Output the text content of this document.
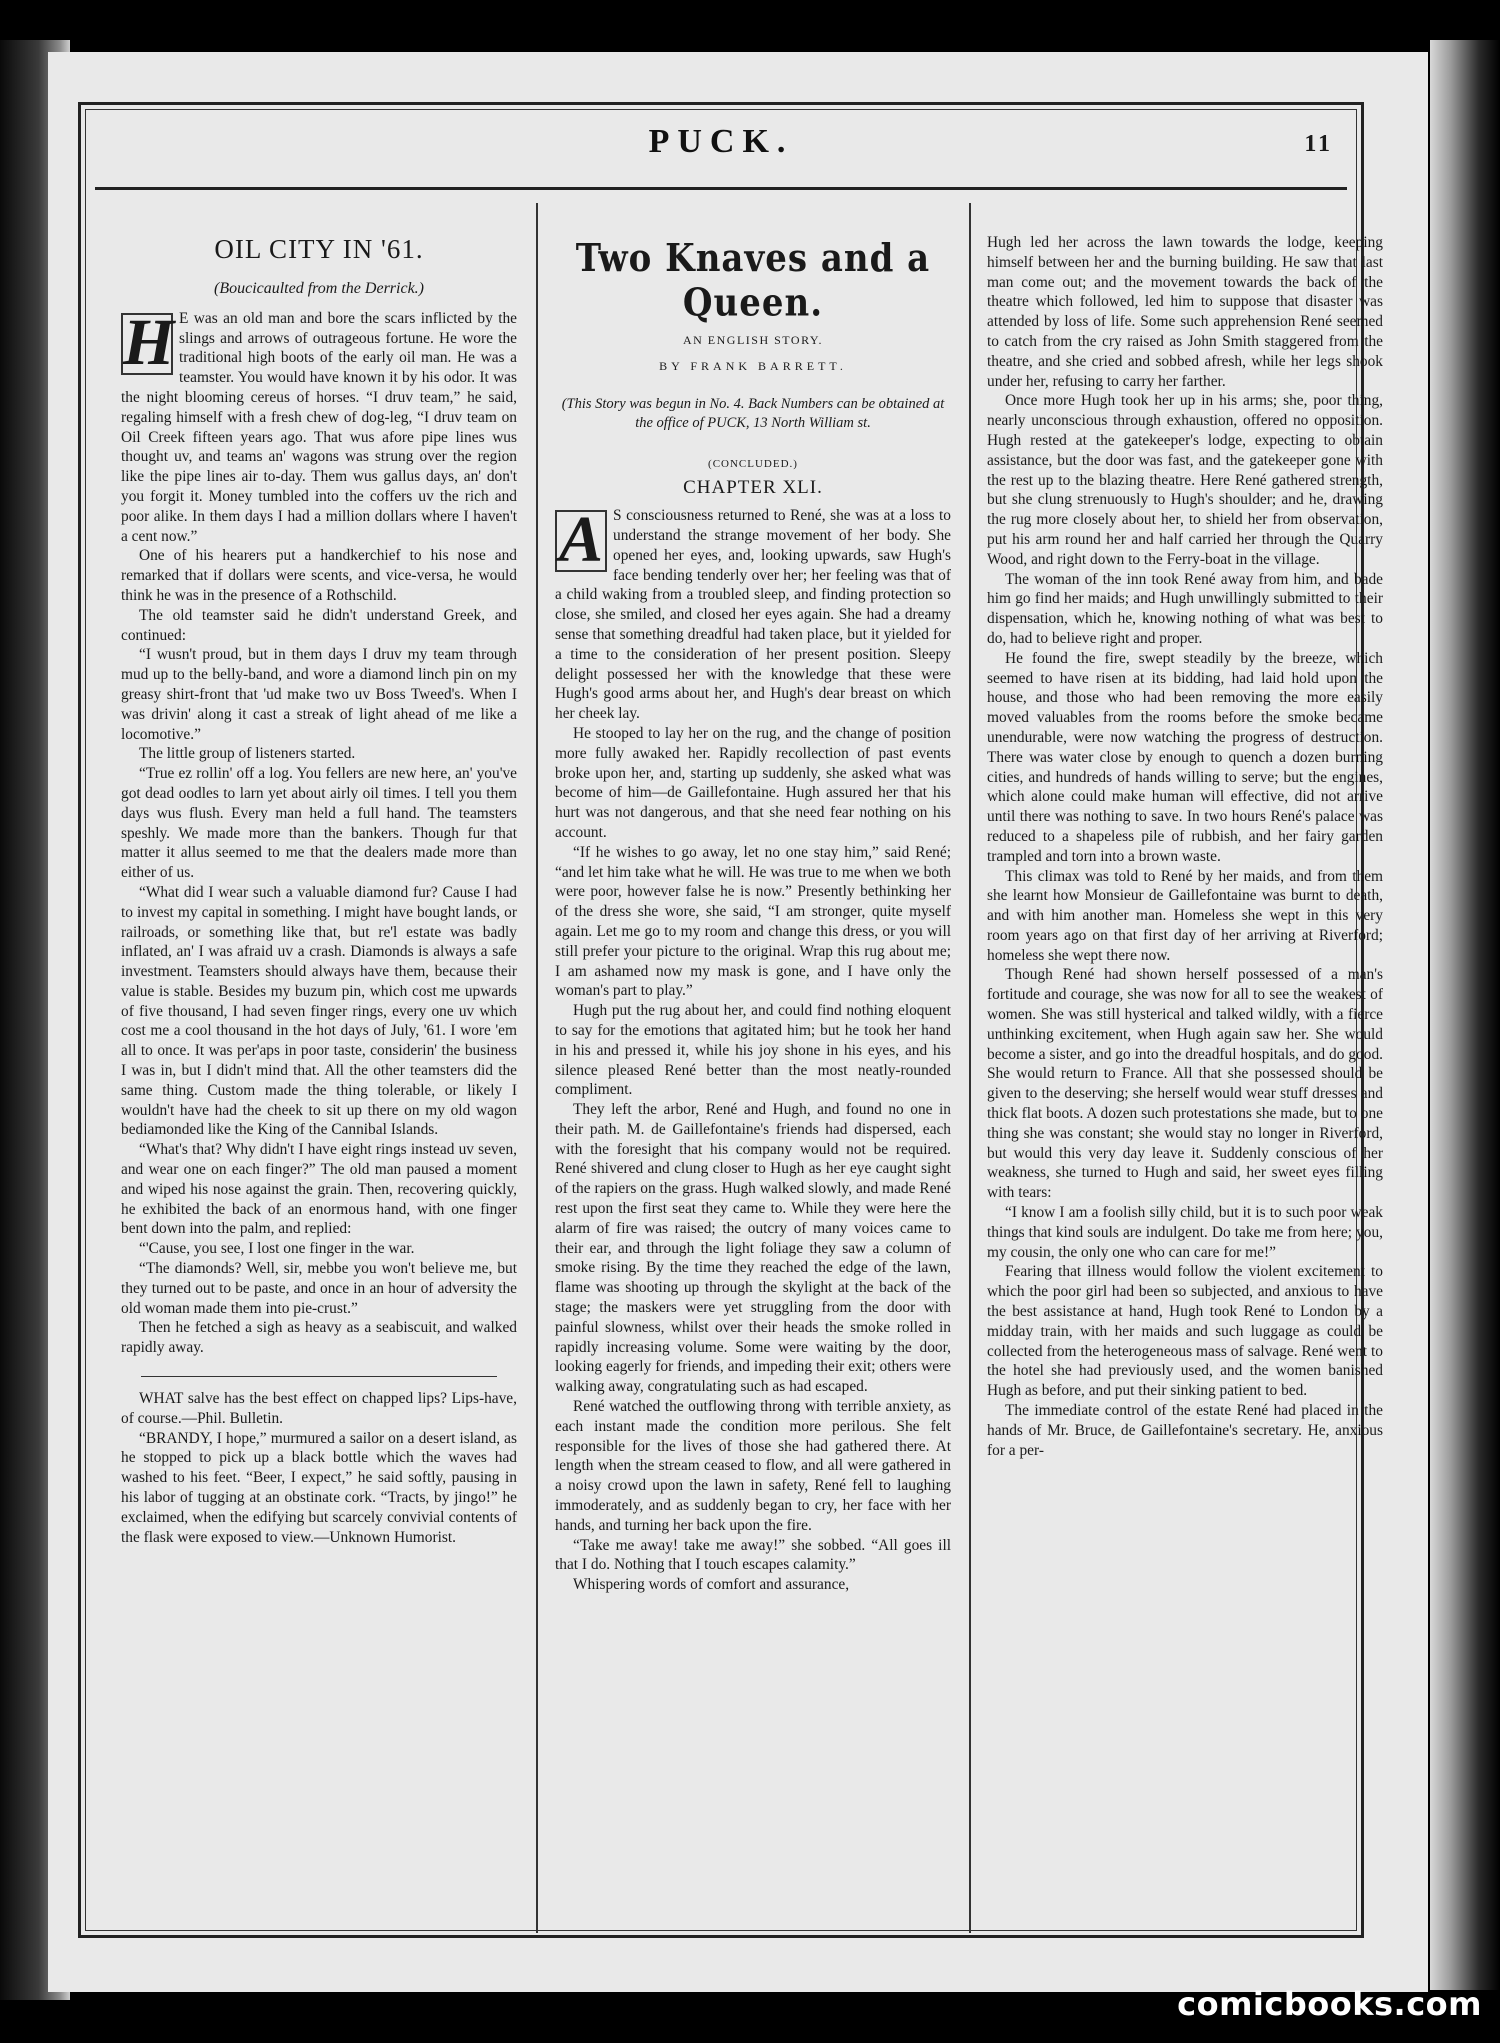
PUCK.	11
OIL CITY IN '61.
(Boucicaulted from the Derrick.)

H E was an old man and bore the scars inflicted by the slings and arrows of outrageous fortune. He wore the traditional high boots of the early oil man. He was a teamster. You would have known it by his odor. It was the night blooming cereus of horses. “I druv team,” he said, regaling himself with a fresh chew of dog-leg, “I druv team on Oil Creek fifteen years ago. That wus afore pipe lines wus thought uv, and teams an' wagons was strung over the region like the pipe lines air to-day. Them wus gallus days, an' don't you forgit it. Money tumbled into the coffers uv the rich and poor alike. In them days I had a million dollars where I haven't a cent now.”

One of his hearers put a handkerchief to his nose and remarked that if dollars were scents, and vice-versa, he would think he was in the presence of a Rothschild.

The old teamster said he didn't understand Greek, and continued:

“I wusn't proud, but in them days I druv my team through mud up to the belly-band, and wore a diamond linch pin on my greasy shirt-front that 'ud make two uv Boss Tweed's. When I was drivin' along it cast a streak of light ahead of me like a locomotive.”

The little group of listeners started.

“True ez rollin' off a log. You fellers are new here, an' you've got dead oodles to larn yet about airly oil times. I tell you them days wus flush. Every man held a full hand. The teamsters speshly. We made more than the bankers. Though fur that matter it allus seemed to me that the dealers made more than either of us.

“What did I wear such a valuable diamond fur? Cause I had to invest my capital in something. I might have bought lands, or railroads, or something like that, but re'l estate was badly inflated, an' I was afraid uv a crash. Diamonds is always a safe investment. Teamsters should always have them, because their value is stable. Besides my buzum pin, which cost me upwards of five thousand, I had seven finger rings, every one uv which cost me a cool thousand in the hot days of July, '61. I wore 'em all to once. It was per'aps in poor taste, considerin' the business I was in, but I didn't mind that. All the other teamsters did the same thing. Custom made the thing tolerable, or likely I wouldn't have had the cheek to sit up there on my old wagon bediamonded like the King of the Cannibal Islands.

“What's that? Why didn't I have eight rings instead uv seven, and wear one on each finger?” The old man paused a moment and wiped his nose against the grain. Then, recovering quickly, he exhibited the back of an enormous hand, with one finger bent down into the palm, and replied:

“'Cause, you see, I lost one finger in the war.

“The diamonds? Well, sir, mebbe you won't believe me, but they turned out to be paste, and once in an hour of adversity the old woman made them into pie-crust.”

Then he fetched a sigh as heavy as a seabiscuit, and walked rapidly away.

WHAT salve has the best effect on chapped lips? Lips-have, of course.—Phil. Bulletin.

“BRANDY, I hope,” murmured a sailor on a desert island, as he stopped to pick up a black bottle which the waves had washed to his feet. “Beer, I expect,” he said softly, pausing in his labor of tugging at an obstinate cork. “Tracts, by jingo!” he exclaimed, when the edifying but scarcely convivial contents of the flask were exposed to view.—Unknown Humorist.

Two Knaves and a Queen.
AN ENGLISH STORY.
BY FRANK BARRETT.
(This Story was begun in No. 4. Back Numbers can be obtained at the office of PUCK, 13 North William st.
(CONCLUDED.)
CHAPTER XLI.

A S consciousness returned to René, she was at a loss to understand the strange movement of her body. She opened her eyes, and, looking upwards, saw Hugh's face bending tenderly over her; her feeling was that of a child waking from a troubled sleep, and finding protection so close, she smiled, and closed her eyes again. She had a dreamy sense that something dreadful had taken place, but it yielded for a time to the consideration of her present position. Sleepy delight possessed her with the knowledge that these were Hugh's good arms about her, and Hugh's dear breast on which her cheek lay.

He stooped to lay her on the rug, and the change of position more fully awaked her. Rapidly recollection of past events broke upon her, and, starting up suddenly, she asked what was become of him—de Gaillefontaine. Hugh assured her that his hurt was not dangerous, and that she need fear nothing on his account.

“If he wishes to go away, let no one stay him,” said René; “and let him take what he will. He was true to me when we both were poor, however false he is now.” Presently bethinking her of the dress she wore, she said, “I am stronger, quite myself again. Let me go to my room and change this dress, or you will still prefer your picture to the original. Wrap this rug about me; I am ashamed now my mask is gone, and I have only the woman's part to play.”

Hugh put the rug about her, and could find nothing eloquent to say for the emotions that agitated him; but he took her hand in his and pressed it, while his joy shone in his eyes, and his silence pleased René better than the most neatly-rounded compliment.

They left the arbor, René and Hugh, and found no one in their path. M. de Gaillefontaine's friends had dispersed, each with the foresight that his company would not be required. René shivered and clung closer to Hugh as her eye caught sight of the rapiers on the grass. Hugh walked slowly, and made René rest upon the first seat they came to. While they were here the alarm of fire was raised; the outcry of many voices came to their ear, and through the light foliage they saw a column of smoke rising. By the time they reached the edge of the lawn, flame was shooting up through the skylight at the back of the stage; the maskers were yet struggling from the door with painful slowness, whilst over their heads the smoke rolled in rapidly increasing volume. Some were waiting by the door, looking eagerly for friends, and impeding their exit; others were walking away, congratulating such as had escaped.

René watched the outflowing throng with terrible anxiety, as each instant made the condition more perilous. She felt responsible for the lives of those she had gathered there. At length when the stream ceased to flow, and all were gathered in a noisy crowd upon the lawn in safety, René fell to laughing immoderately, and as suddenly began to cry, her face with her hands, and turning her back upon the fire.

“Take me away! take me away!” she sobbed. “All goes ill that I do. Nothing that I touch escapes calamity.”

Whispering words of comfort and assurance,

Hugh led her across the lawn towards the lodge, keeping himself between her and the burning building. He saw that last man come out; and the movement towards the back of the theatre which followed, led him to suppose that disaster was attended by loss of life. Some such apprehension René seemed to catch from the cry raised as John Smith staggered from the theatre, and she cried and sobbed afresh, while her legs shook under her, refusing to carry her farther.

Once more Hugh took her up in his arms; she, poor thing, nearly unconscious through exhaustion, offered no opposition. Hugh rested at the gatekeeper's lodge, expecting to obtain assistance, but the door was fast, and the gatekeeper gone with the rest up to the blazing theatre. Here René gathered strength, but she clung strenuously to Hugh's shoulder; and he, drawing the rug more closely about her, to shield her from observation, put his arm round her and half carried her through the Quarry Wood, and right down to the Ferry-boat in the village.

The woman of the inn took René away from him, and bade him go find her maids; and Hugh unwillingly submitted to their dispensation, which he, knowing nothing of what was best to do, had to believe right and proper.

He found the fire, swept steadily by the breeze, which seemed to have risen at its bidding, had laid hold upon the house, and those who had been removing the more easily moved valuables from the rooms before the smoke became unendurable, were now watching the progress of destruction. There was water close by enough to quench a dozen burning cities, and hundreds of hands willing to serve; but the engines, which alone could make human will effective, did not arrive until there was nothing to save. In two hours René's palace was reduced to a shapeless pile of rubbish, and her fairy garden trampled and torn into a brown waste.

This climax was told to René by her maids, and from them she learnt how Monsieur de Gaillefontaine was burnt to death, and with him another man. Homeless she wept in this very room years ago on that first day of her arriving at Riverford; homeless she wept there now.

Though René had shown herself possessed of a man's fortitude and courage, she was now for all to see the weakest of women. She was still hysterical and talked wildly, with a fierce unthinking excitement, when Hugh again saw her. She would become a sister, and go into the dreadful hospitals, and do good. She would return to France. All that she possessed should be given to the deserving; she herself would wear stuff dresses and thick flat boots. A dozen such protestations she made, but to one thing she was constant; she would stay no longer in Riverford, but would this very day leave it. Suddenly conscious of her weakness, she turned to Hugh and said, her sweet eyes filling with tears:

“I know I am a foolish silly child, but it is to such poor weak things that kind souls are indulgent. Do take me from here; you, my cousin, the only one who can care for me!”

Fearing that illness would follow the violent excitement to which the poor girl had been so subjected, and anxious to have the best assistance at hand, Hugh took René to London by a midday train, with her maids and such luggage as could be collected from the heterogeneous mass of salvage. René went to the hotel she had previously used, and the women banished Hugh as before, and put their sinking patient to bed.

The immediate control of the estate René had placed in the hands of Mr. Bruce, de Gaillefontaine's secretary. He, anxious for a per-

comicbooks.com
